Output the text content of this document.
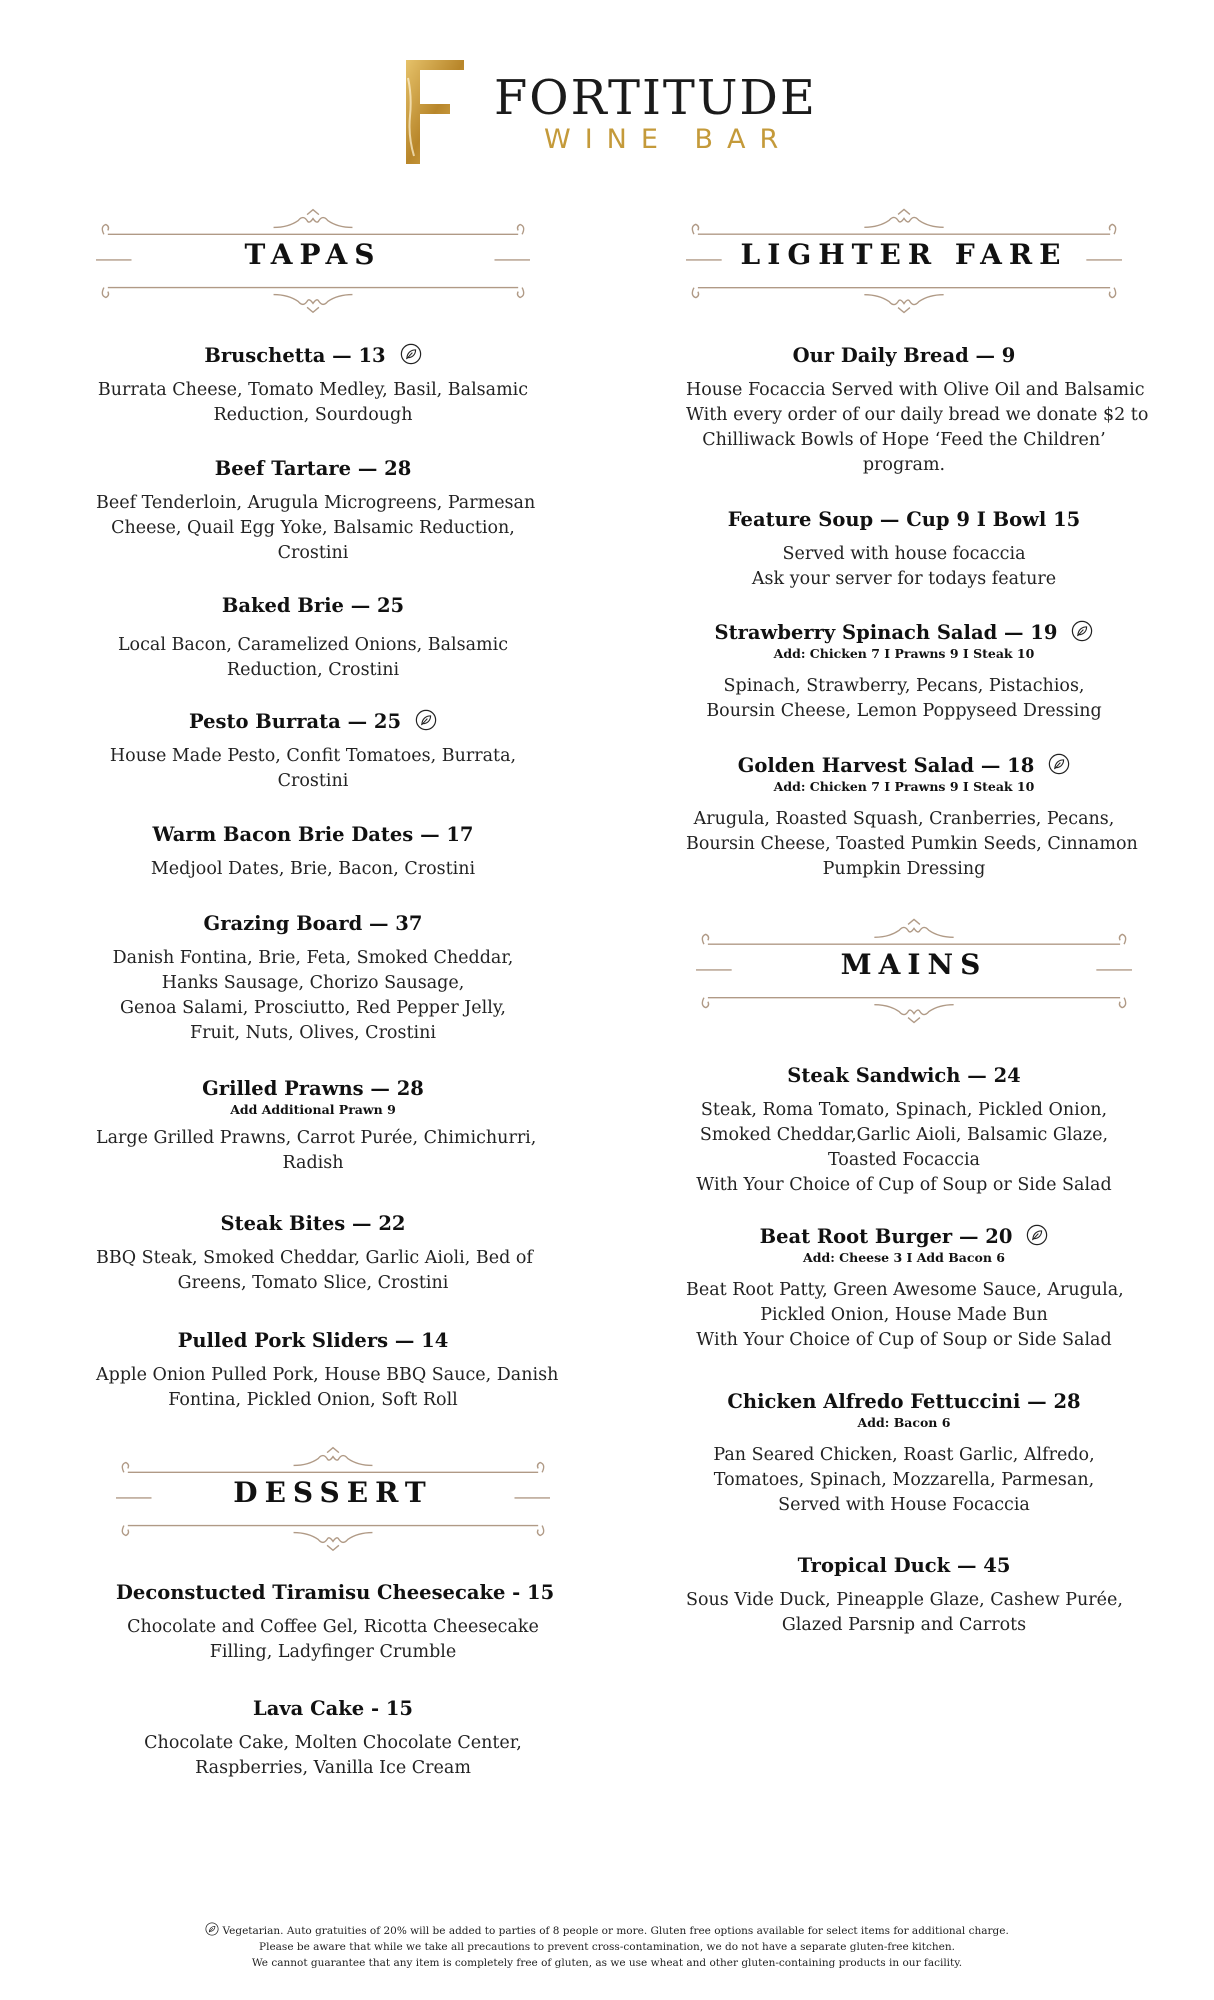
FORTITUDE
WINE BAR
TAPAS
Bruschetta — 13
Burrata Cheese, Tomato Medley, Basil, Balsamic
Reduction, Sourdough
Beef Tartare — 28
Beef Tenderloin, Arugula Microgreens, Parmesan
Cheese, Quail Egg Yoke, Balsamic Reduction,
Crostini
Baked Brie — 25
Local Bacon, Caramelized Onions, Balsamic
Reduction, Crostini
Pesto Burrata — 25
House Made Pesto, Confit Tomatoes, Burrata,
Crostini
Warm Bacon Brie Dates — 17
Medjool Dates, Brie, Bacon, Crostini
Grazing Board — 37
Danish Fontina, Brie, Feta, Smoked Cheddar,
Hanks Sausage, Chorizo Sausage,
Genoa Salami, Prosciutto, Red Pepper Jelly,
Fruit, Nuts, Olives, Crostini
Grilled Prawns — 28
Add Additional Prawn 9
Large Grilled Prawns, Carrot Purée, Chimichurri,
Radish
Steak Bites — 22
BBQ Steak, Smoked Cheddar, Garlic Aioli, Bed of
Greens, Tomato Slice, Crostini
Pulled Pork Sliders — 14
Apple Onion Pulled Pork, House BBQ Sauce, Danish
Fontina, Pickled Onion, Soft Roll
DESSERT
Deconstucted Tiramisu Cheesecake - 15
Chocolate and Coffee Gel, Ricotta Cheesecake
Filling, Ladyfinger Crumble
Lava Cake - 15
Chocolate Cake, Molten Chocolate Center,
Raspberries, Vanilla Ice Cream
LIGHTER FARE
Our Daily Bread — 9
House Focaccia Served with Olive Oil and Balsamic
With every order of our daily bread we donate $2 to
Chilliwack Bowls of Hope ‘Feed the Children’
program.
Feature Soup — Cup 9 I Bowl 15
Served with house focaccia
Ask your server for todays feature
Strawberry Spinach Salad — 19
Add: Chicken 7 I Prawns 9 I Steak 10
Spinach, Strawberry, Pecans, Pistachios,
Boursin Cheese, Lemon Poppyseed Dressing
Golden Harvest Salad — 18
Add: Chicken 7 I Prawns 9 I Steak 10
Arugula, Roasted Squash, Cranberries, Pecans,
Boursin Cheese, Toasted Pumkin Seeds, Cinnamon
Pumpkin Dressing
MAINS
Steak Sandwich — 24
Steak, Roma Tomato, Spinach, Pickled Onion,
Smoked Cheddar,Garlic Aioli, Balsamic Glaze,
Toasted Focaccia
With Your Choice of Cup of Soup or Side Salad
Beat Root Burger — 20
Add: Cheese 3 I Add Bacon 6
Beat Root Patty, Green Awesome Sauce, Arugula,
Pickled Onion, House Made Bun
With Your Choice of Cup of Soup or Side Salad
Chicken Alfredo Fettuccini — 28
Add: Bacon 6
Pan Seared Chicken, Roast Garlic, Alfredo,
Tomatoes, Spinach, Mozzarella, Parmesan,
Served with House Focaccia
Tropical Duck — 45
Sous Vide Duck, Pineapple Glaze, Cashew Purée,
Glazed Parsnip and Carrots
Vegetarian. Auto gratuities of 20% will be added to parties of 8 people or more. Gluten free options available for select items for additional charge.
Please be aware that while we take all precautions to prevent cross-contamination, we do not have a separate gluten-free kitchen.
We cannot guarantee that any item is completely free of gluten, as we use wheat and other gluten-containing products in our facility.
